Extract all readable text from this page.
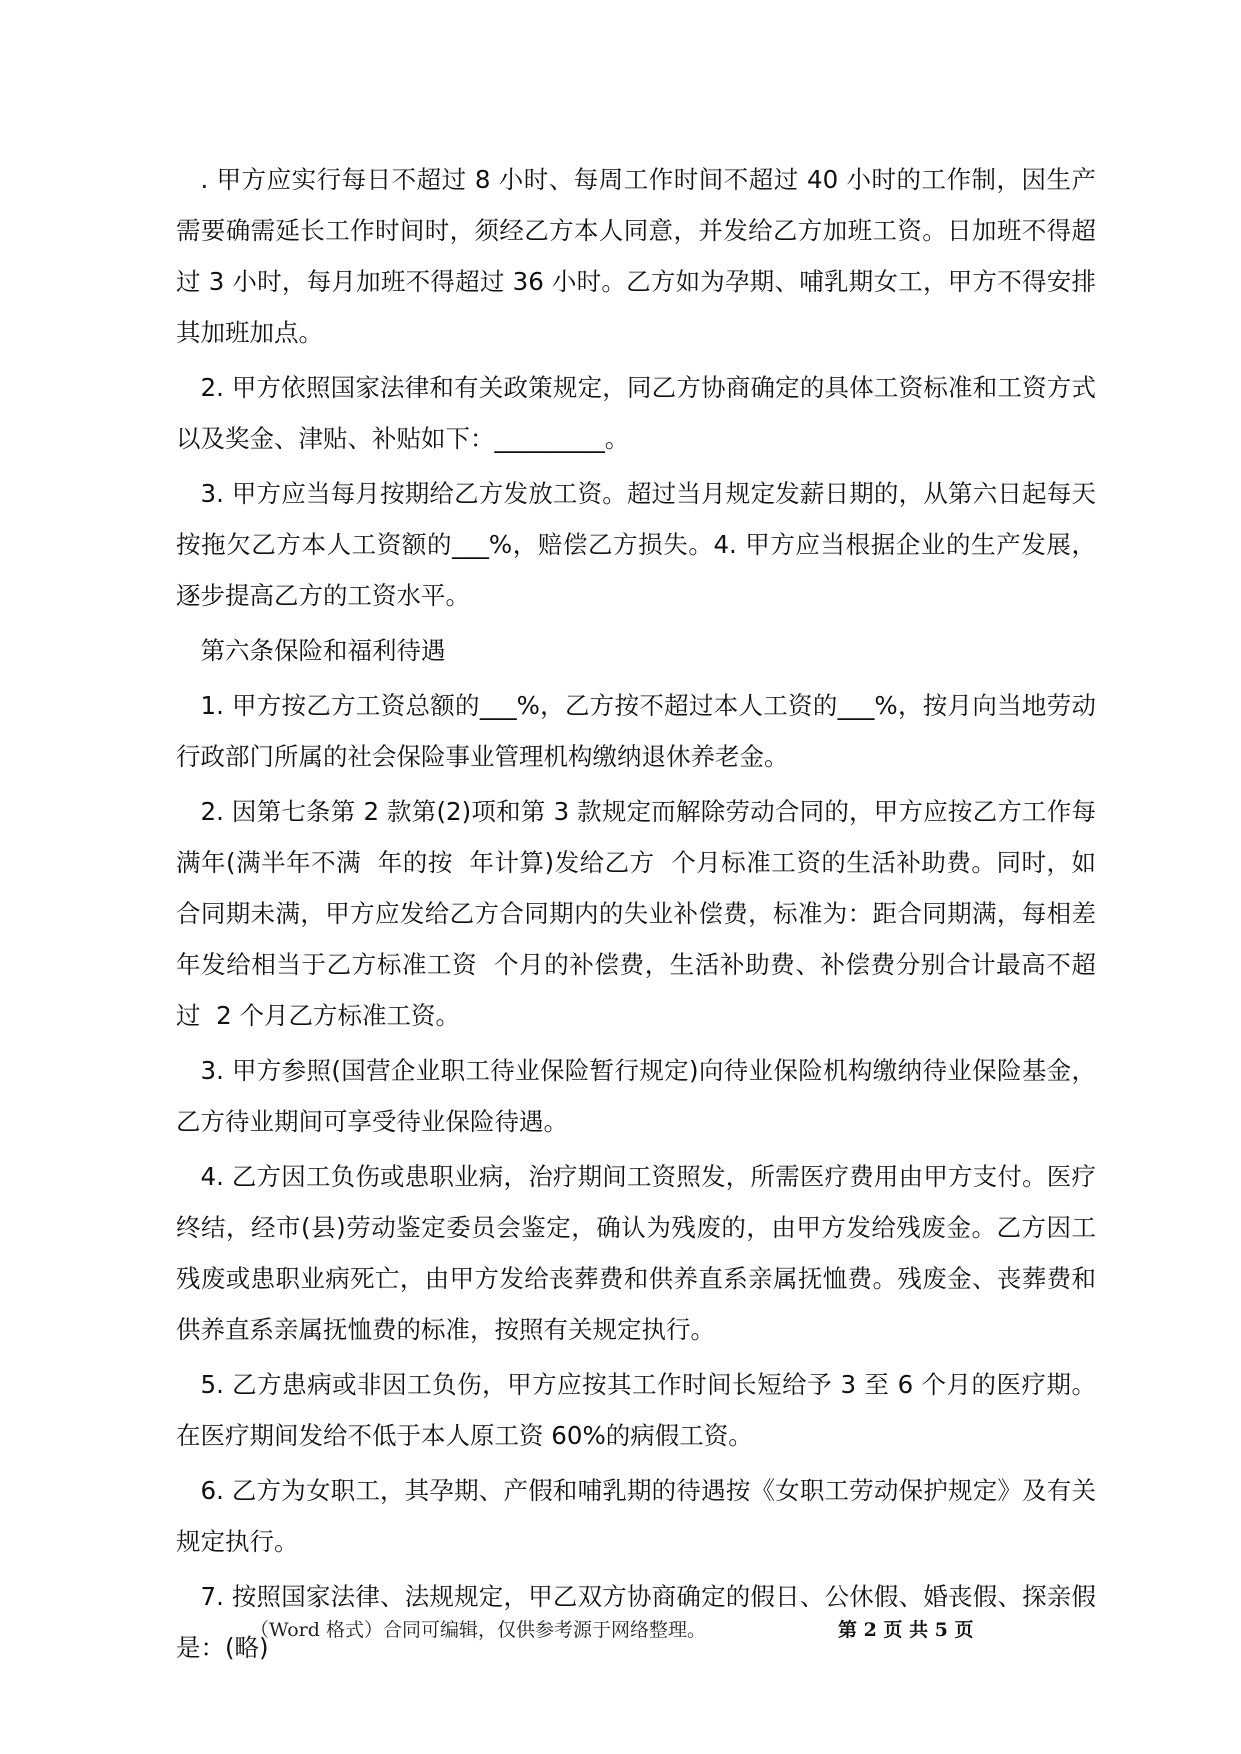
. 甲方应实行每日不超过 8 小时、每周工作时间不超过 40 小时的工作制，因生产需要确需延长工作时间时，须经乙方本人同意，并发给乙方加班工资。日加班不得超过 3 小时，每月加班不得超过 36 小时。乙方如为孕期、哺乳期女工，甲方不得安排其加班加点。

2. 甲方依照国家法律和有关政策规定，同乙方协商确定的具体工资标准和工资方式以及奖金、津贴、补贴如下：_________。

3. 甲方应当每月按期给乙方发放工资。超过当月规定发薪日期的，从第六日起每天按拖欠乙方本人工资额的___%，赔偿乙方损失。4. 甲方应当根据企业的生产发展，逐步提高乙方的工资水平。

第六条保险和福利待遇

1. 甲方按乙方工资总额的___%，乙方按不超过本人工资的___%，按月向当地劳动行政部门所属的社会保险事业管理机构缴纳退休养老金。

2. 因第七条第 2 款第(2)项和第 3 款规定而解除劳动合同的，甲方应按乙方工作每满年(满半年不满  年的按  年计算)发给乙方  个月标准工资的生活补助费。同时，如合同期未满，甲方应发给乙方合同期内的失业补偿费，标准为：距合同期满，每相差  年发给相当于乙方标准工资  个月的补偿费，生活补助费、补偿费分别合计最高不超过  2 个月乙方标准工资。

3. 甲方参照(国营企业职工待业保险暂行规定)向待业保险机构缴纳待业保险基金，乙方待业期间可享受待业保险待遇。

4. 乙方因工负伤或患职业病，治疗期间工资照发，所需医疗费用由甲方支付。医疗终结，经市(县)劳动鉴定委员会鉴定，确认为残废的，由甲方发给残废金。乙方因工残废或患职业病死亡，由甲方发给丧葬费和供养直系亲属抚恤费。残废金、丧葬费和供养直系亲属抚恤费的标准，按照有关规定执行。

5. 乙方患病或非因工负伤，甲方应按其工作时间长短给予 3 至 6 个月的医疗期。在医疗期间发给不低于本人原工资 60%的病假工资。

6. 乙方为女职工，其孕期、产假和哺乳期的待遇按《女职工劳动保护规定》及有关规定执行。

7. 按照国家法律、法规规定，甲乙双方协商确定的假日、公休假、婚丧假、探亲假是：(略)

（Word 格式）合同可编辑，仅供参考源于网络整理。	第 2 页 共 5 页
